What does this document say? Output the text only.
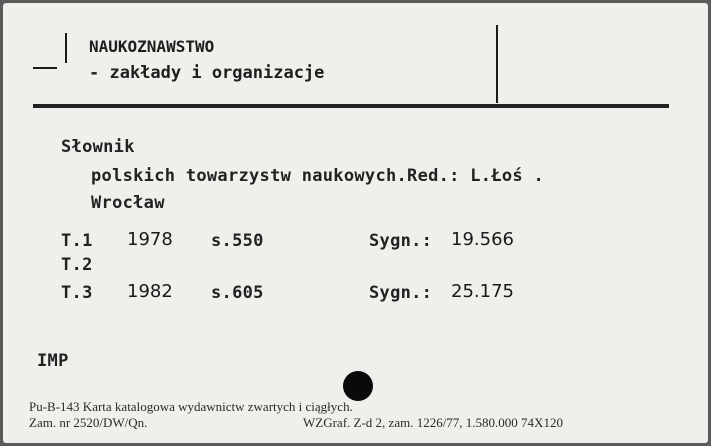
NAUKOZNAWSTWO
- zakłady i organizacje
Słownik
polskich towarzystw naukowych.Red.: L.Łoś .
Wrocław
T.1 1978 s.550	Sygn.: 19.566
T.2
T.3 1982 s.605	Sygn.: 25.175
IMP
Pu-B-143 Karta katalogowa wydawnictw zwartych i ciągłych.
Zam. nr 2520/DW/Qn.	WZGraf. Z-d 2, zam. 1226/77, 1.580.000 74X120
